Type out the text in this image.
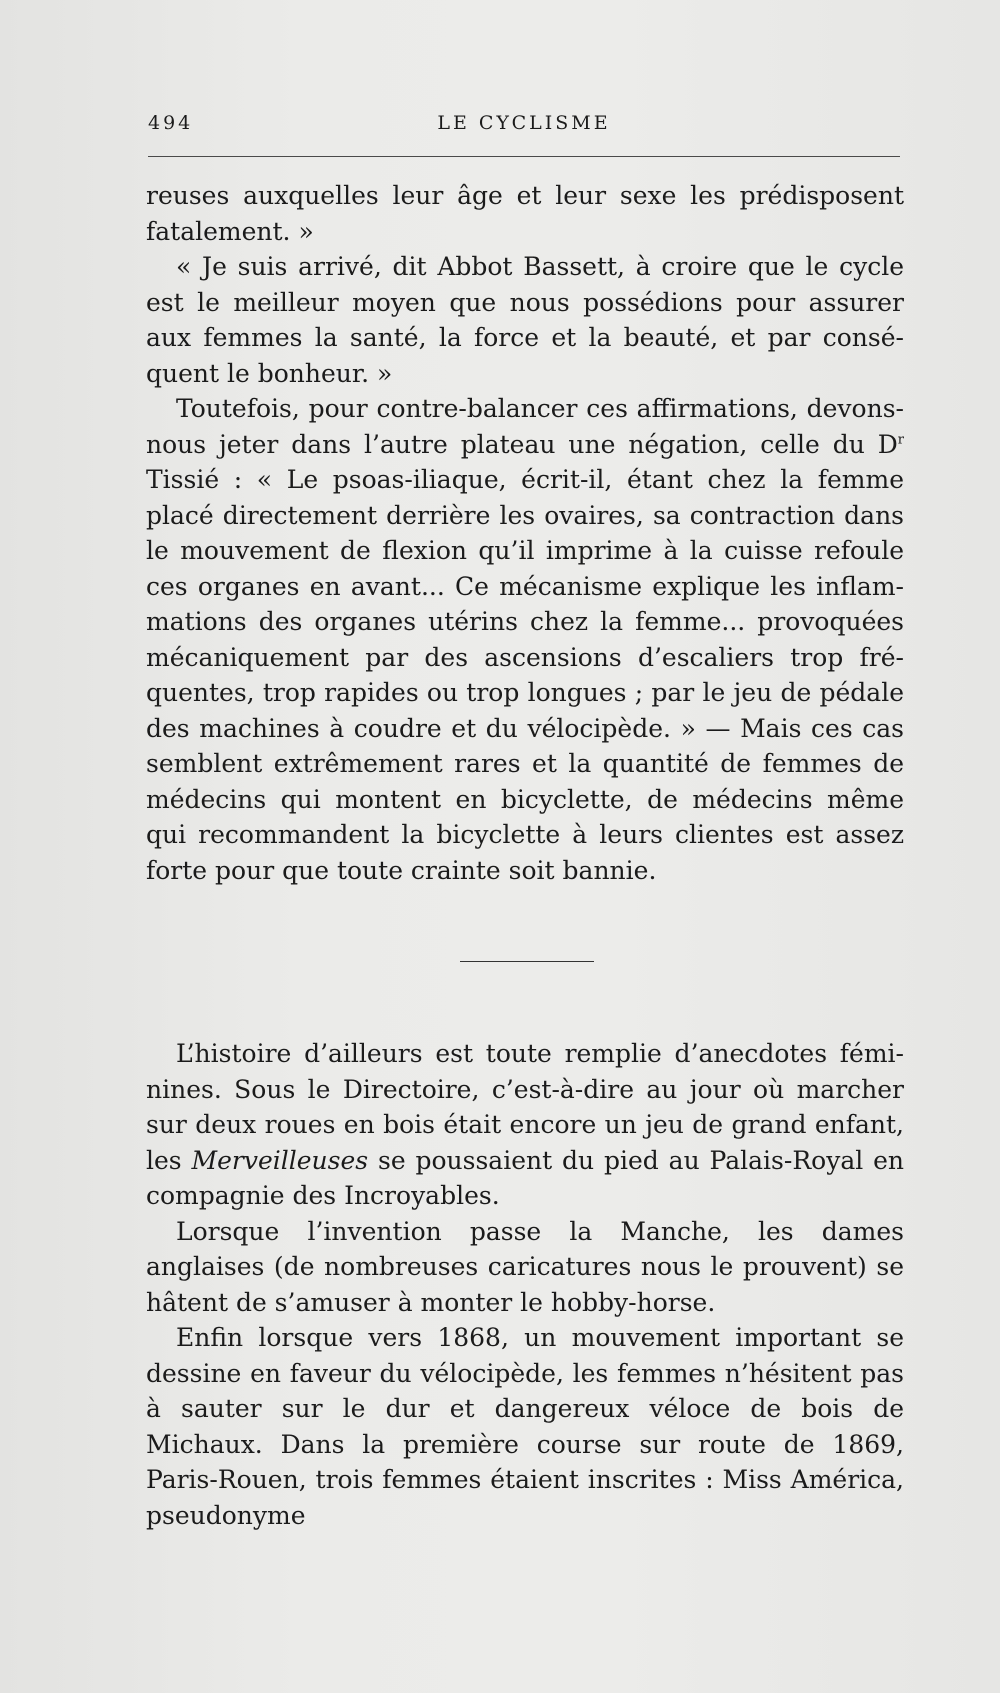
494	LE CYCLISME

reuses auxquelles leur âge et leur sexe les prédisposent fatalement. »

« Je suis arrivé, dit Abbot Bassett, à croire que le cycle est le meilleur moyen que nous possédions pour assurer aux femmes la santé, la force et la beauté, et par conséquent le bonheur. »

Toutefois, pour contre-balancer ces affirmations, devons-nous jeter dans l’autre plateau une négation, celle du $D^r$ Tissié : « Le psoas-iliaque, écrit-il, étant chez la femme placé directement derrière les ovaires, sa contraction dans le mouvement de flexion qu’il imprime à la cuisse refoule ces organes en avant... Ce mécanisme explique les inflammations des organes utérins chez la femme... provoquées mécaniquement par des ascensions d’escaliers trop fréquentes, trop rapides ou trop longues ; par le jeu de pédale des machines à coudre et du vélocipède. » — Mais ces cas semblent extrêmement rares et la quantité de femmes de médecins qui montent en bicyclette, de médecins même qui recommandent la bicyclette à leurs clientes est assez forte pour que toute crainte soit bannie.

L’histoire d’ailleurs est toute remplie d’anecdotes féminines. Sous le Directoire, c’est-à-dire au jour où marcher sur deux roues en bois était encore un jeu de grand enfant, les Merveilleuses se poussaient du pied au Palais-Royal en compagnie des Incroyables.

Lorsque l’invention passe la Manche, les dames anglaises (de nombreuses caricatures nous le prouvent) se hâtent de s’amuser à monter le hobby-horse.

Enfin lorsque vers 1868, un mouvement important se dessine en faveur du vélocipède, les femmes n’hésitent pas à sauter sur le dur et dangereux véloce de bois de Michaux. Dans la première course sur route de 1869, Paris-Rouen, trois femmes étaient inscrites : Miss América, pseudonyme
